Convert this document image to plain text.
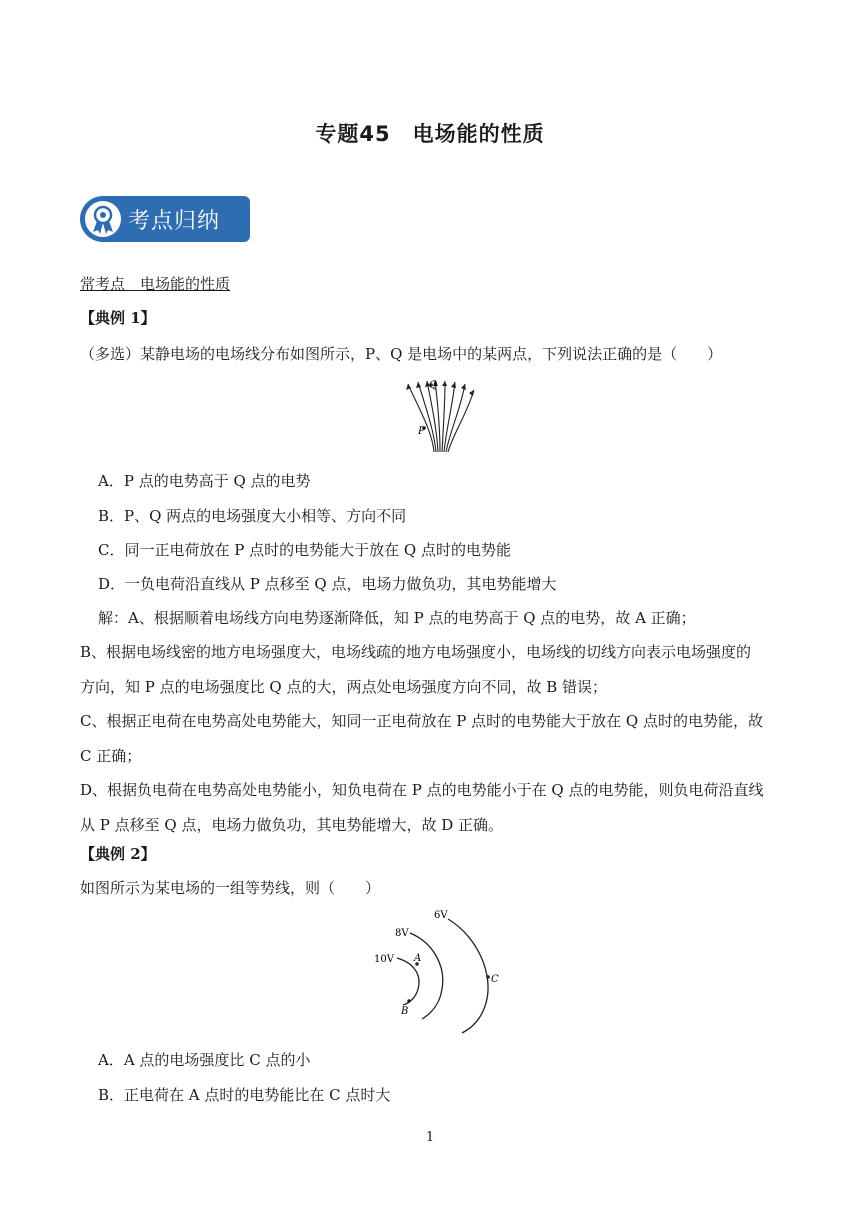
专题45　电场能的性质
考点归纳
常考点　电场能的性质
【典例 1】
（多选）某静电场的电场线分布如图所示，P、Q 是电场中的某两点，下列说法正确的是（　　）
Q
P
A．P 点的电势高于 Q 点的电势
B．P、Q 两点的电场强度大小相等、方向不同
C．同一正电荷放在 P 点时的电势能大于放在 Q 点时的电势能
D．一负电荷沿直线从 P 点移至 Q 点，电场力做负功，其电势能增大
解：A、根据顺着电场线方向电势逐渐降低，知 P 点的电势高于 Q 点的电势，故 A 正确；
B、根据电场线密的地方电场强度大，电场线疏的地方电场强度小，电场线的切线方向表示电场强度的
方向，知 P 点的电场强度比 Q 点的大，两点处电场强度方向不同，故 B 错误；
C、根据正电荷在电势高处电势能大，知同一正电荷放在 P 点时的电势能大于放在 Q 点时的电势能，故
C 正确；
D、根据负电荷在电势高处电势能小，知负电荷在 P 点的电势能小于在 Q 点的电势能，则负电荷沿直线
从 P 点移至 Q 点，电场力做负功，其电势能增大，故 D 正确。
【典例 2】
如图所示为某电场的一组等势线，则（　　）
6V
8V
10V A
B
C
A．A 点的电场强度比 C 点的小
B．正电荷在 A 点时的电势能比在 C 点时大
1
